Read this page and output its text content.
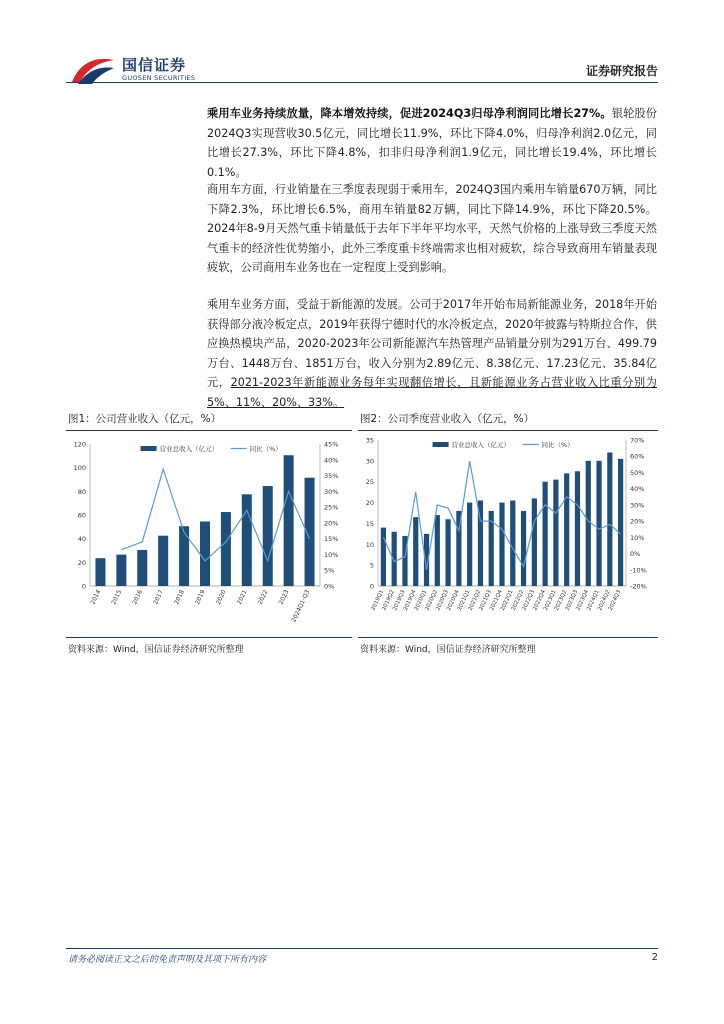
国信证券
GUOSEN SECURITIES	证券研究报告
乘用车业务持续放量，降本增效持续，促进2024Q3归母净利润同比增长27%。银轮股份2024Q3实现营收30.5亿元，同比增长11.9%，环比下降4.0%，归母净利润2.0亿元，同比增长27.3%，环比下降4.8%，扣非归母净利润1.9亿元，同比增长19.4%，环比增长0.1%。
商用车方面，行业销量在三季度表现弱于乘用车，2024Q3国内乘用车销量670万辆，同比下降2.3%，环比增长6.5%，商用车销量82万辆，同比下降14.9%，环比下降20.5%。2024年8-9月天然气重卡销量低于去年下半年平均水平，天然气价格的上涨导致三季度天然气重卡的经济性优势缩小，此外三季度重卡终端需求也相对疲软，综合导致商用车销量表现疲软，公司商用车业务也在一定程度上受到影响。
乘用车业务方面，受益于新能源的发展。公司于2017年开始布局新能源业务，2018年开始获得部分液冷板定点，2019年获得宁德时代的水冷板定点，2020年披露与特斯拉合作，供应换热模块产品，2020-2023年公司新能源汽车热管理产品销量分别为291万台、499.79万台、1448万台、1851万台，收入分别为2.89亿元、8.38亿元、17.23亿元、35.84亿元，2021-2023年新能源业务每年实现翻倍增长，且新能源业务占营业收入比重分别为5%、11%、20%、33%。
图1：公司营业收入（亿元，%）
0
20
40
60
80
100
120
0%
5%
10%
15%
20%
25%
30%
35%
40%
45%
2014 2015 2016 2017 2018 2019 2020 2021 2022 2023 2024Q1-Q3
营业总收入（亿元）	同比（%）
资料来源：Wind，国信证券经济研究所整理
图2：公司季度营业收入（亿元，%）
0
5
10
15
20
25
30
35
-20%
-10%
0%
10%
20%
30%
40%
50%
60%
70%
2019Q1
2019Q2
2019Q3
2019Q4
2020Q1
2020Q2
2020Q3
2020Q4
2021Q1
2021Q2
2021Q3
2021Q4
2022Q1
2022Q2
2022Q3
2022Q4
2023Q1
2023Q2
2023Q3
2023Q4
2024Q1
2024Q2
2024Q3
营业总收入（亿元）	同比（%）
资料来源：Wind，国信证券经济研究所整理
请务必阅读正文之后的免责声明及其项下所有内容	2
